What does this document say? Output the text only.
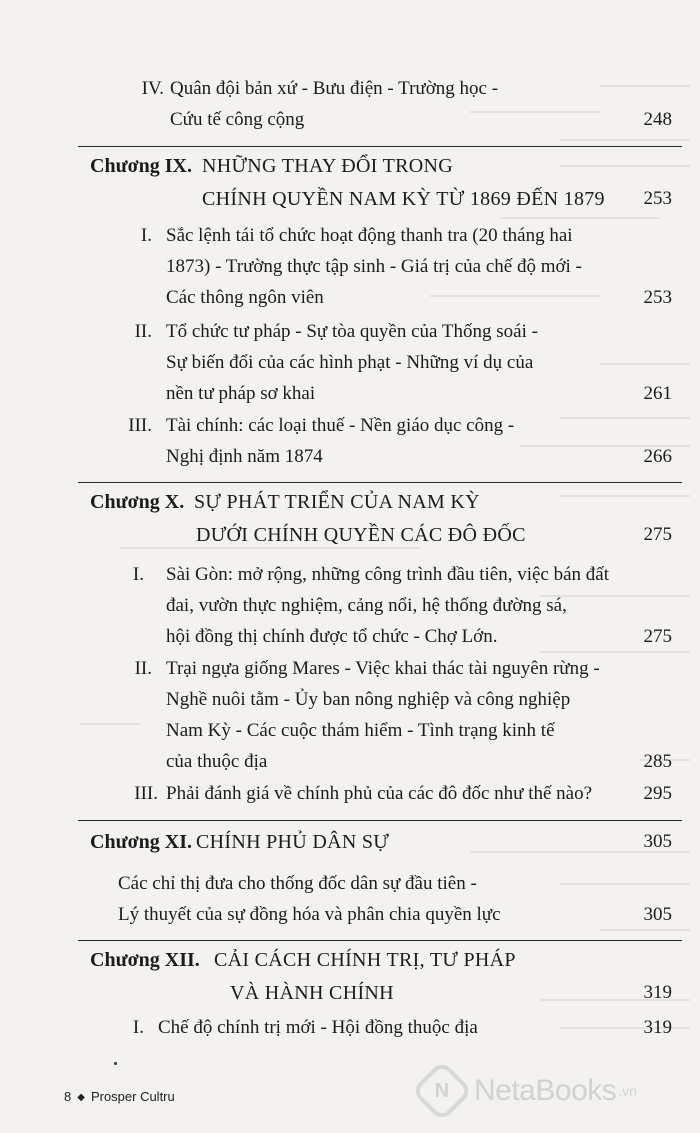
IV. Quân đội bản xứ - Bưu điện - Trường học -
Cứu tế công cộng	248
Chương IX. NHỮNG THAY ĐỔI TRONG
CHÍNH QUYỀN NAM KỲ TỪ 1869 ĐẾN 1879 253
I. Sắc lệnh tái tổ chức hoạt động thanh tra (20 tháng hai
1873) - Trường thực tập sinh - Giá trị của chế độ mới -
Các thông ngôn viên	253
II. Tổ chức tư pháp - Sự tòa quyền của Thống soái -
Sự biến đổi của các hình phạt - Những ví dụ của
nền tư pháp sơ khai	261
III. Tài chính: các loại thuế - Nền giáo dục công -
Nghị định năm 1874	266
Chương X. SỰ PHÁT TRIỂN CỦA NAM KỲ
DƯỚI CHÍNH QUYỀN CÁC ĐÔ ĐỐC	275
I. Sài Gòn: mở rộng, những công trình đầu tiên, việc bán đất
đai, vườn thực nghiệm, cảng nổi, hệ thống đường sá,
hội đồng thị chính được tổ chức - Chợ Lớn.	275
II. Trại ngựa giống Mares - Việc khai thác tài nguyên rừng -
Nghề nuôi tằm - Ủy ban nông nghiệp và công nghiệp
Nam Kỳ - Các cuộc thám hiểm - Tình trạng kinh tế
của thuộc địa	285
III. Phải đánh giá về chính phủ của các đô đốc như thế nào?	295
Chương XI. CHÍNH PHỦ DÂN SỰ	305
Các chỉ thị đưa cho thống đốc dân sự đầu tiên -
Lý thuyết của sự đồng hóa và phân chia quyền lực	305
Chương XII. CẢI CÁCH CHÍNH TRỊ, TƯ PHÁP
VÀ HÀNH CHÍNH	319
I. Chế độ chính trị mới - Hội đồng thuộc địa	319
8 ◆ Prosper Cultru	N NetaBooks .vn
